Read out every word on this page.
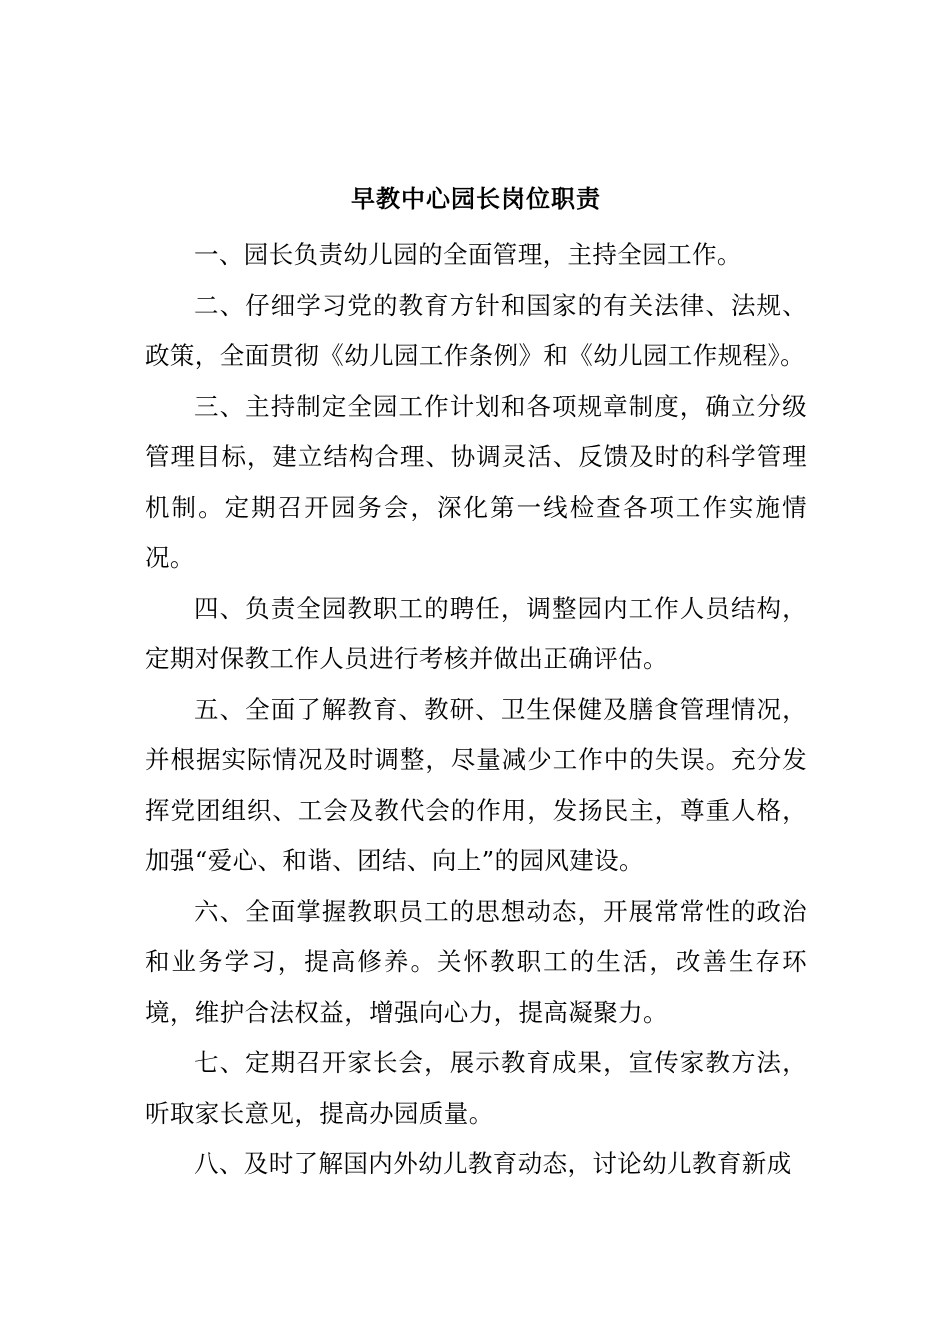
早教中心园长岗位职责

一、园长负责幼儿园的全面管理，主持全园工作。

二、仔细学习党的教育方针和国家的有关法律、法规、政策，全面贯彻《幼儿园工作条例》和《幼儿园工作规程》。

三、主持制定全园工作计划和各项规章制度，确立分级管理目标，建立结构合理、协调灵活、反馈及时的科学管理机制。定期召开园务会，深化第一线检查各项工作实施情况。

四、负责全园教职工的聘任，调整园内工作人员结构，定期对保教工作人员进行考核并做出正确评估。

五、全面了解教育、教研、卫生保健及膳食管理情况，并根据实际情况及时调整，尽量减少工作中的失误。充分发挥党团组织、工会及教代会的作用，发扬民主，尊重人格，加强“爱心、和谐、团结、向上”的园风建设。

六、全面掌握教职员工的思想动态，开展常常性的政治和业务学习，提高修养。关怀教职工的生活，改善生存环境，维护合法权益，增强向心力，提高凝聚力。

七、定期召开家长会，展示教育成果，宣传家教方法，听取家长意见，提高办园质量。

八、及时了解国内外幼儿教育动态，讨论幼儿教育新成
